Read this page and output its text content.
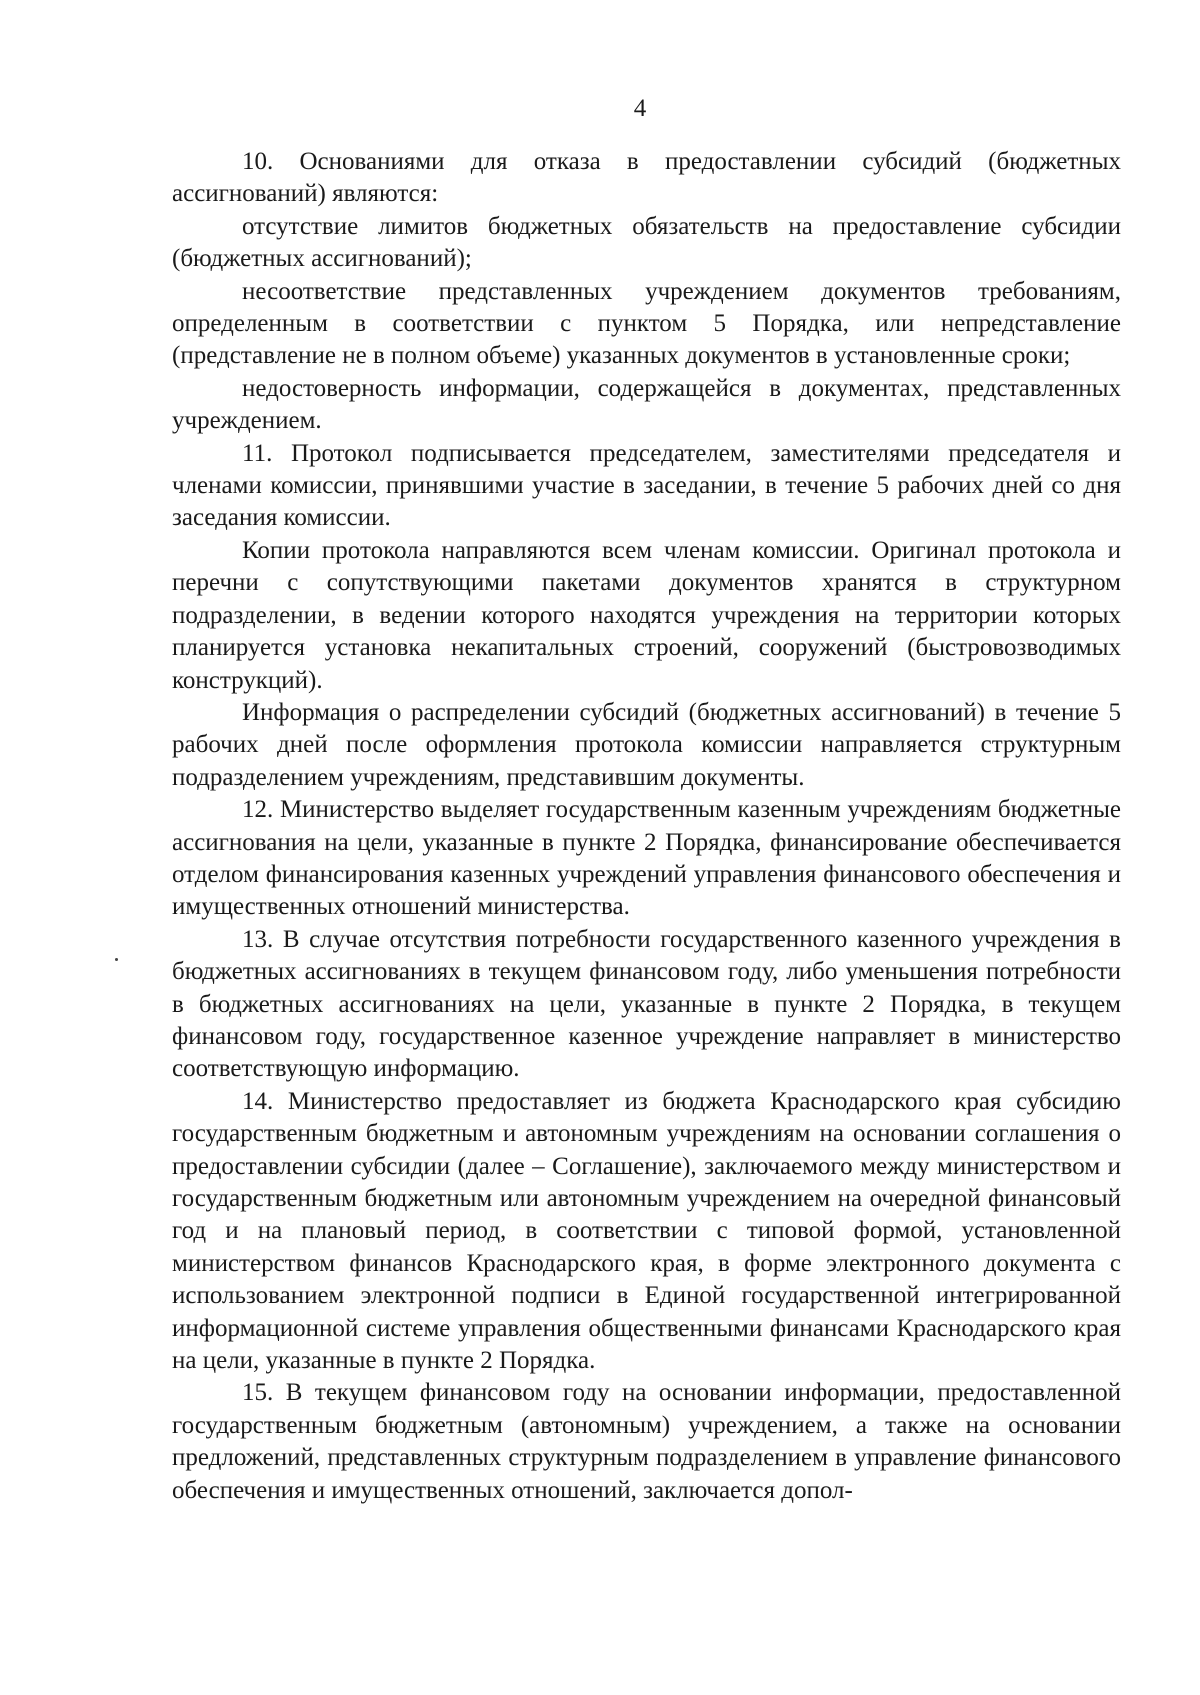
4

10. Основаниями для отказа в предоставлении субсидий (бюджетных ассигнований) являются:

отсутствие лимитов бюджетных обязательств на предоставление субсидии (бюджетных ассигнований);

несоответствие представленных учреждением документов требованиям, определенным в соответствии с пунктом 5 Порядка, или непредставление (представление не в полном объеме) указанных документов в установленные сроки;

недостоверность информации, содержащейся в документах, представленных учреждением.

11. Протокол подписывается председателем, заместителями председателя и членами комиссии, принявшими участие в заседании, в течение 5 рабочих дней со дня заседания комиссии.

Копии протокола направляются всем членам комиссии. Оригинал протокола и перечни с сопутствующими пакетами документов хранятся в структурном подразделении, в ведении которого находятся учреждения на территории которых планируется установка некапитальных строений, сооружений (быстровозводимых конструкций).

Информация о распределении субсидий (бюджетных ассигнований) в течение 5 рабочих дней после оформления протокола комиссии направляется структурным подразделением учреждениям, представившим документы.

12. Министерство выделяет государственным казенным учреждениям бюджетные ассигнования на цели, указанные в пункте 2 Порядка, финансирование обеспечивается отделом финансирования казенных учреждений управления финансового обеспечения и имущественных отношений министерства.

13. В случае отсутствия потребности государственного казенного учреждения в бюджетных ассигнованиях в текущем финансовом году, либо уменьшения потребности в бюджетных ассигнованиях на цели, указанные в пункте 2 Порядка, в текущем финансовом году, государственное казенное учреждение направляет в министерство соответствующую информацию.

14. Министерство предоставляет из бюджета Краснодарского края субсидию государственным бюджетным и автономным учреждениям на основании соглашения о предоставлении субсидии (далее – Соглашение), заключаемого между министерством и государственным бюджетным или автономным учреждением на очередной финансовый год и на плановый период, в соответствии с типовой формой, установленной министерством финансов Краснодарского края, в форме электронного документа с использованием электронной подписи в Единой государственной интегрированной информационной системе управления общественными финансами Краснодарского края на цели, указанные в пункте 2 Порядка.

15. В текущем финансовом году на основании информации, предоставленной государственным бюджетным (автономным) учреждением, а также на основании предложений, представленных структурным подразделением в управление финансового обеспечения и имущественных отношений, заключается допол-
